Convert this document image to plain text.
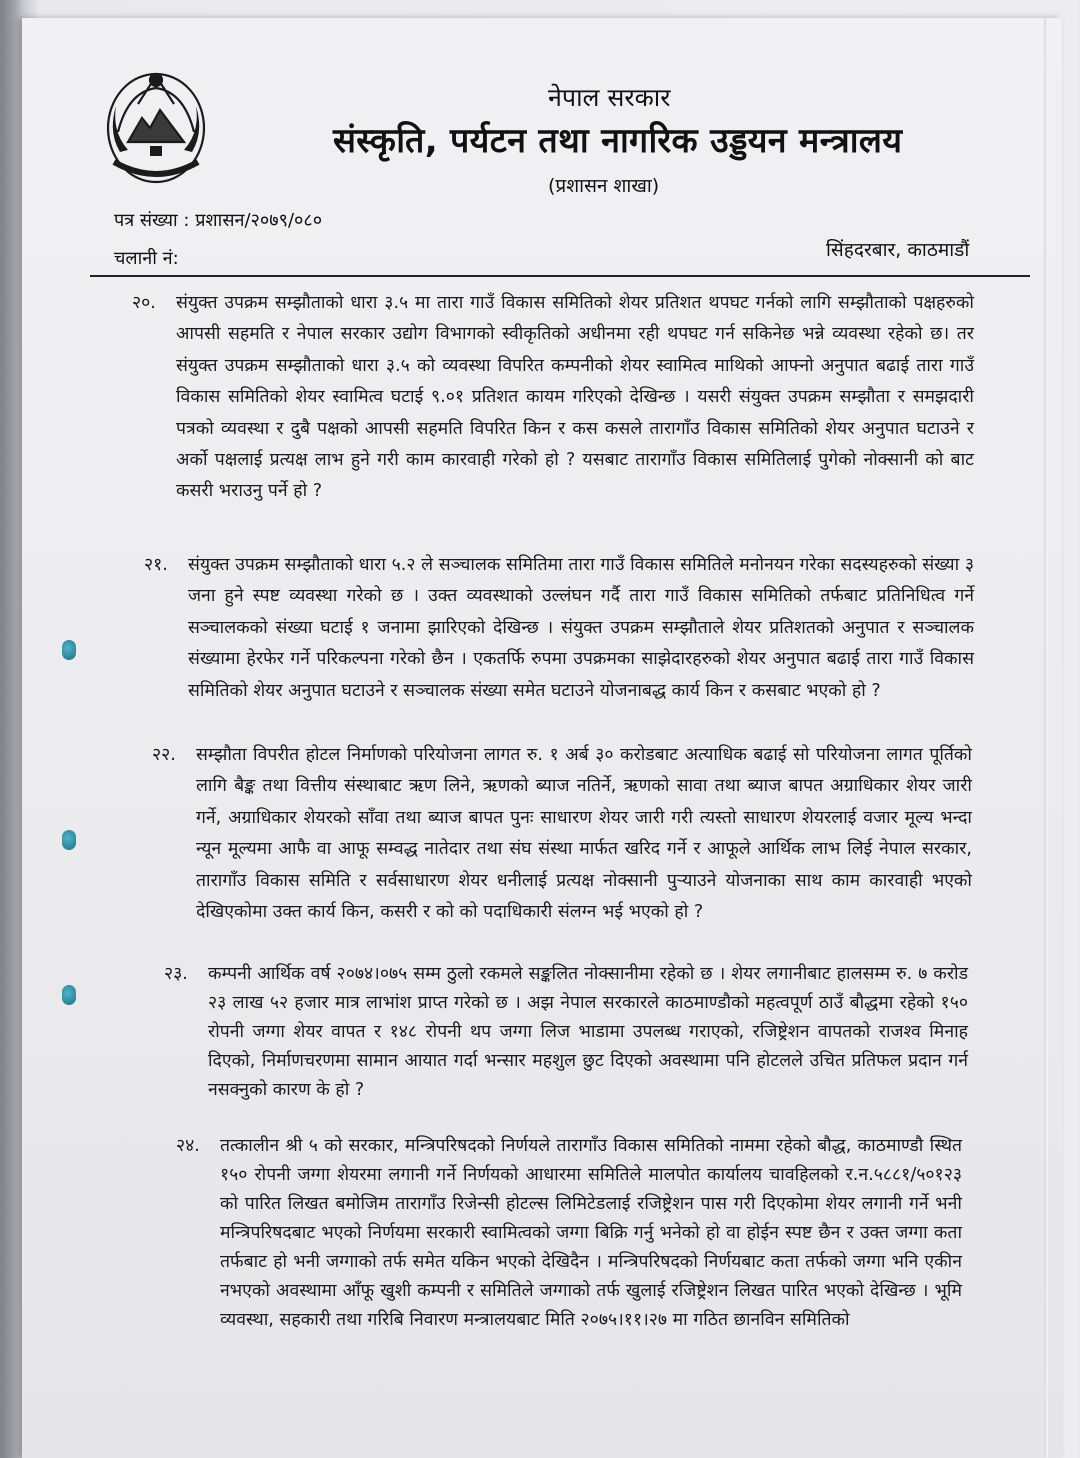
नेपाल सरकार
संस्कृति, पर्यटन तथा नागरिक उड्डयन मन्त्रालय
(प्रशासन शाखा)
पत्र संख्या : प्रशासन/२०७९/०८०
चलानी नं:	सिंहदरबार, काठमाडौं
२०. संयुक्त उपक्रम सम्झौताको धारा ३.५ मा तारा गाउँ विकास समितिको शेयर प्रतिशत थपघट गर्नको लागि सम्झौताको पक्षहरुको आपसी सहमति र नेपाल सरकार उद्योग विभागको स्वीकृतिको अधीनमा रही थपघट गर्न सकिनेछ भन्ने व्यवस्था रहेको छ। तर संयुक्त उपक्रम सम्झौताको धारा ३.५ को व्यवस्था विपरित कम्पनीको शेयर स्वामित्व माथिको आफ्नो अनुपात बढाई तारा गाउँ विकास समितिको शेयर स्वामित्व घटाई ९.०१ प्रतिशत कायम गरिएको देखिन्छ । यसरी संयुक्त उपक्रम सम्झौता र समझदारी पत्रको व्यवस्था र दुबै पक्षको आपसी सहमति विपरित किन र कस कसले तारागाँउ विकास समितिको शेयर अनुपात घटाउने र अर्को पक्षलाई प्रत्यक्ष लाभ हुने गरी काम कारवाही गरेको हो ? यसबाट तारागाँउ विकास समितिलाई पुगेको नोक्सानी को बाट कसरी भराउनु पर्ने हो ?
२१. संयुक्त उपक्रम सम्झौताको धारा ५.२ ले सञ्चालक समितिमा तारा गाउँ विकास समितिले मनोनयन गरेका सदस्यहरुको संख्या ३ जना हुने स्पष्ट व्यवस्था गरेको छ । उक्त व्यवस्थाको उल्लंघन गर्दै तारा गाउँ विकास समितिको तर्फबाट प्रतिनिधित्व गर्ने सञ्चालकको संख्या घटाई १ जनामा झारिएको देखिन्छ । संयुक्त उपक्रम सम्झौताले शेयर प्रतिशतको अनुपात र सञ्चालक संख्यामा हेरफेर गर्ने परिकल्पना गरेको छैन । एकतर्फि रुपमा उपक्रमका साझेदारहरुको शेयर अनुपात बढाई तारा गाउँ विकास समितिको शेयर अनुपात घटाउने र सञ्चालक संख्या समेत घटाउने योजनाबद्ध कार्य किन र कसबाट भएको हो ?
२२. सम्झौता विपरीत होटल निर्माणको परियोजना लागत रु. १ अर्ब ३० करोडबाट अत्याधिक बढाई सो परियोजना लागत पूर्तिको लागि बैङ्क तथा वित्तीय संस्थाबाट ऋण लिने, ऋणको ब्याज नतिर्ने, ऋणको सावा तथा ब्याज बापत अग्राधिकार शेयर जारी गर्ने, अग्राधिकार शेयरको साँवा तथा ब्याज बापत पुनः साधारण शेयर जारी गरी त्यस्तो साधारण शेयरलाई वजार मूल्य भन्दा न्यून मूल्यमा आफै वा आफू सम्वद्ध नातेदार तथा संघ संस्था मार्फत खरिद गर्ने र आफूले आर्थिक लाभ लिई नेपाल सरकार, तारागाँउ विकास समिति र सर्वसाधारण शेयर धनीलाई प्रत्यक्ष नोक्सानी पुर्‍याउने योजनाका साथ काम कारवाही भएको देखिएकोमा उक्त कार्य किन, कसरी र को को पदाधिकारी संलग्न भई भएको हो ?
२३. कम्पनी आर्थिक वर्ष २०७४।०७५ सम्म ठुलो रकमले सङ्कलित नोक्सानीमा रहेको छ । शेयर लगानीबाट हालसम्म रु. ७ करोड २३ लाख ५२ हजार मात्र लाभांश प्राप्त गरेको छ । अझ नेपाल सरकारले काठमाण्डौको महत्वपूर्ण ठाउँ बौद्धमा रहेको १५० रोपनी जग्गा शेयर वापत र १४८ रोपनी थप जग्गा लिज भाडामा उपलब्ध गराएको, रजिष्ट्रेशन वापतको राजश्व मिनाह दिएको, निर्माणचरणमा सामान आयात गर्दा भन्सार महशुल छुट दिएको अवस्थामा पनि होटलले उचित प्रतिफल प्रदान गर्न नसक्नुको कारण के हो ?
२४. तत्कालीन श्री ५ को सरकार, मन्त्रिपरिषदको निर्णयले तारागाँउ विकास समितिको नाममा रहेको बौद्ध, काठमाण्डौ स्थित १५० रोपनी जग्गा शेयरमा लगानी गर्ने निर्णयको आधारमा समितिले मालपोत कार्यालय चावहिलको र.न.५८८१/५०१२३ को पारित लिखत बमोजिम तारागाँउ रिजेन्सी होटल्स लिमिटेडलाई रजिष्ट्रेशन पास गरी दिएकोमा शेयर लगानी गर्ने भनी मन्त्रिपरिषदबाट भएको निर्णयमा सरकारी स्वामित्वको जग्गा बिक्रि गर्नु भनेको हो वा होईन स्पष्ट छैन र उक्त जग्गा कता तर्फबाट हो भनी जग्गाको तर्फ समेत यकिन भएको देखिदैन । मन्त्रिपरिषदको निर्णयबाट कता तर्फको जग्गा भनि एकीन नभएको अवस्थामा आँफू खुशी कम्पनी र समितिले जग्गाको तर्फ खुलाई रजिष्ट्रेशन लिखत पारित भएको देखिन्छ । भूमि व्यवस्था, सहकारी तथा गरिबि निवारण मन्त्रालयबाट मिति २०७५।११।२७ मा गठित छानविन समितिको
